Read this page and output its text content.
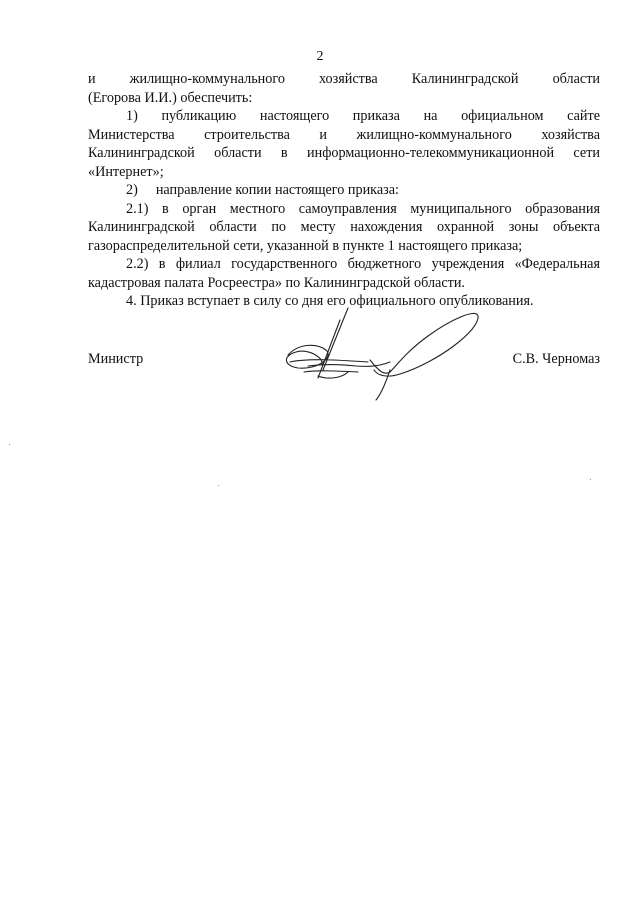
2
и жилищно-коммунального хозяйства Калининградской области
(Егорова И.И.) обеспечить:
1) публикацию настоящего приказа на официальном сайте
Министерства строительства и жилищно-коммунального хозяйства
Калининградской области в информационно-телекоммуникационной сети
«Интернет»;
2) направление копии настоящего приказа:
2.1) в орган местного самоуправления муниципального образования
Калининградской области по месту нахождения охранной зоны объекта
газораспределительной сети, указанной в пункте 1 настоящего приказа;
2.2) в филиал государственного бюджетного учреждения «Федеральная
кадастровая палата Росреестра» по Калининградской области.
4. Приказ вступает в силу со дня его официального опубликования.
Министр	С.В. Черномаз
